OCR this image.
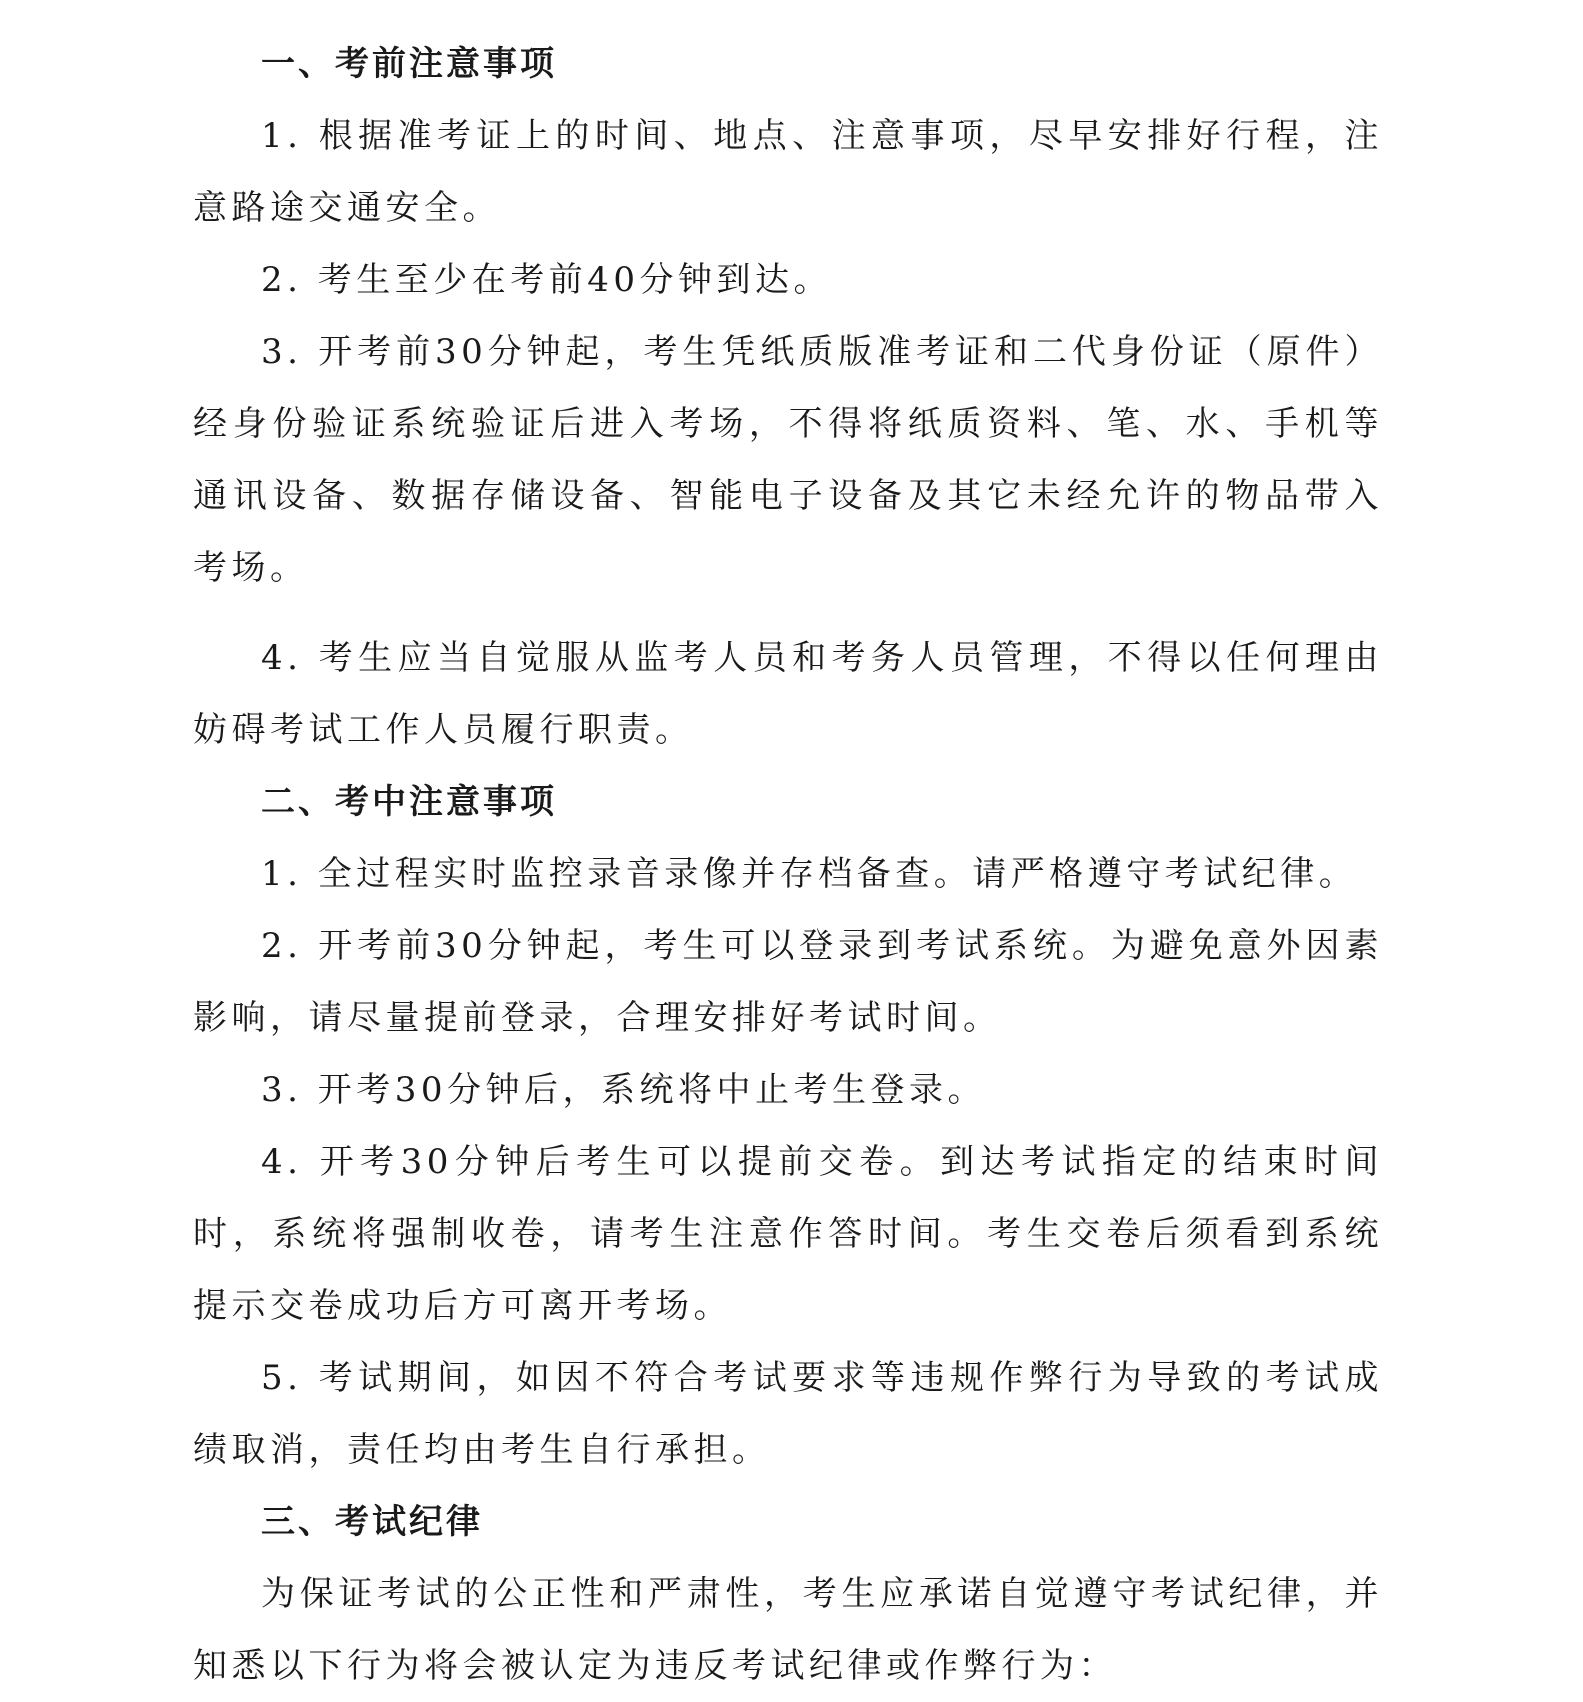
一、考前注意事项
1. 根据准考证上的时间、地点、注意事项，尽早安排好行程，注意路途交通安全。
2. 考生至少在考前40分钟到达。
3. 开考前30分钟起，考生凭纸质版准考证和二代身份证（原件）经身份验证系统验证后进入考场，不得将纸质资料、笔、水、手机等通讯设备、数据存储设备、智能电子设备及其它未经允许的物品带入考场。
4. 考生应当自觉服从监考人员和考务人员管理，不得以任何理由妨碍考试工作人员履行职责。
二、考中注意事项
1. 全过程实时监控录音录像并存档备查。请严格遵守考试纪律。
2. 开考前30分钟起，考生可以登录到考试系统。为避免意外因素影响，请尽量提前登录，合理安排好考试时间。
3. 开考30分钟后，系统将中止考生登录。
4. 开考30分钟后考生可以提前交卷。到达考试指定的结束时间时，系统将强制收卷，请考生注意作答时间。考生交卷后须看到系统提示交卷成功后方可离开考场。
5. 考试期间，如因不符合考试要求等违规作弊行为导致的考试成绩取消，责任均由考生自行承担。
三、考试纪律
为保证考试的公正性和严肃性，考生应承诺自觉遵守考试纪律，并知悉以下行为将会被认定为违反考试纪律或作弊行为：
